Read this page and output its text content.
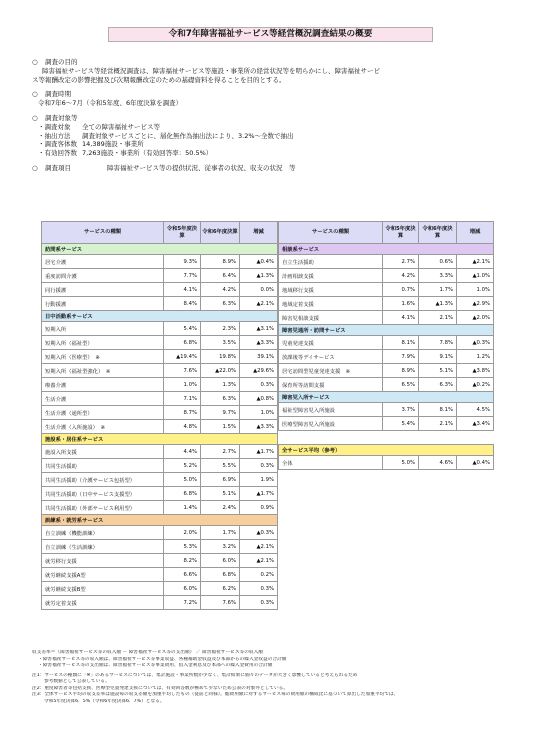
令和7年障害福祉サービス等経営概況調査結果の概要
○	調査の目的
障害福祉サービス等経営概況調査は、障害福祉サービス等施設・事業所の経営状況等を明らかにし、障害福祉サービ
ス等報酬改定の影響把握及び次期報酬改定のための基礎資料を得ることを目的とする。
○	調査時期
令和7年6～7月（令和5年度、6年度決算を調査）
○	調査対象等
・調査対象	全ての障害福祉サービス等
・抽出方法	調査対象サービスごとに、層化無作為抽出法により、3.2%～全数で抽出
・調査客体数 14,389施設・事業所
・有効回答数 7,263施設・事業所（有効回答率：50.5%）
○	調査項目	障害福祉サービス等の提供状況、従事者の状況、収支の状況　等
サービスの種類	令和5年度決算	令和6年度決算	増減
訪問系サービス			
居宅介護	9.3%	8.9%	▲0.4%
重度訪問介護	7.7%	6.4%	▲1.3%
同行援護	4.1%	4.2%	0.0%
行動援護	8.4%	6.3%	▲2.1%
日中活動系サービス			
短期入所	5.4%	2.3%	▲3.1%
短期入所（福祉型）	6.8%	3.5%	▲3.3%
短期入所（医療型）　※	▲19.4%	19.8%	39.1%
短期入所（福祉型強化）　※	7.6%	▲22.0%	▲29.6%
療養介護	1.0%	1.3%	0.3%
生活介護	7.1%	6.3%	▲0.8%
生活介護（通所型）	8.7%	9.7%	1.0%
生活介護（入所施設）　※	4.8%	1.5%	▲3.3%
施設系・居住系サービス			
施設入所支援	4.4%	2.7%	▲1.7%
共同生活援助	5.2%	5.5%	0.3%
共同生活援助（介護サービス包括型）	5.0%	6.9%	1.9%
共同生活援助（日中サービス支援型）	6.8%	5.1%	▲1.7%
共同生活援助（外部サービス利用型）	1.4%	2.4%	0.9%
訓練系・就労系サービス			
自立訓練（機能訓練）	2.0%	1.7%	▲0.3%
自立訓練（生活訓練）	5.3%	3.2%	▲2.1%
就労移行支援	8.2%	6.0%	▲2.1%
就労継続支援A型	6.6%	6.8%	0.2%
就労継続支援B型	6.0%	6.2%	0.3%
就労定着支援	7.2%	7.6%	0.3%
サービスの種類	令和5年度決算	令和6年度決算	増減
相談系サービス			
自立生活援助	2.7%	0.6%	▲2.1%
計画相談支援	4.2%	3.3%	▲1.0%
地域移行支援	0.7%	1.7%	1.0%
地域定着支援	1.6%	▲1.3%	▲2.9%
障害児相談支援	4.1%	2.1%	▲2.0%
障害児通所・訪問サービス			
児童発達支援	8.1%	7.8%	▲0.3%
放課後等デイサービス	7.9%	9.1%	1.2%
居宅訪問型児童発達支援　※	8.9%	5.1%	▲3.8%
保育所等訪問支援	6.5%	6.3%	▲0.2%
障害児入所サービス			
福祉型障害児入所施設	3.7%	8.1%	4.5%
医療型障害児入所施設	5.4%	2.1%	▲3.4%

全サービス平均（参考）			
全体	5.0%	4.6%	▲0.4%
収支差率＝（障害福祉サービス等の収入額 － 障害福祉サービス等の支出額） ／ 障害福祉サービス等の収入額
・障害福祉サービス等の収入額は、障害福祉サービス等事業収益、各種補助金収益及び本部からの繰入金収益の合計額
・障害福祉サービス等の支出額は、障害福祉サービス等事業費用、借入金利息及び本部への繰入金費用の合計額
注1：サービスの種類に「※」のあるサービスについては、集計施設・事業所数が少なく、集計結果に個々のデータが大きく影響していると考えられるため
参考数値として公表している。
注2：重度障害者等包括支援、医療型児童発達支援については、有効回答数が極めて少ないため公表の対象外としている。
注3：全体サービス平均の収支差率は施設毎の収支差額を加重平均したもの（従前と同様）。総費用額に対するサービス毎の費用額の構成比に基づいて算出した加重平均では、
令和5年度決算6．5%（令和6年度決算6．7%）となる。
